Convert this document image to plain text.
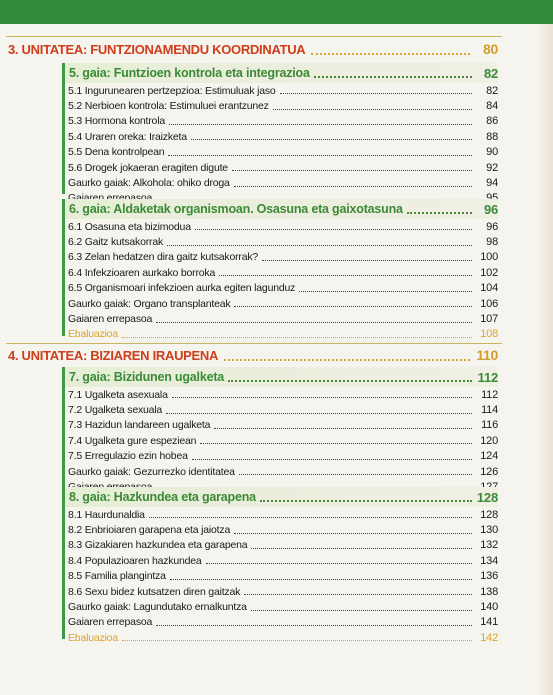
3. UNITATEA: FUNTZIONAMENDU KOORDINATUA	80
5. gaia: Funtzioen kontrola eta integrazioa	82
5.1 Ingurunearen pertzepzioa: Estimuluak jaso	82
5.2 Nerbioen kontrola: Estimuluei erantzunez	84
5.3 Hormona kontrola	86
5.4 Uraren oreka: Iraizketa	88
5.5 Dena kontrolpean	90
5.6 Drogek jokaeran eragiten digute	92
Gaurko gaiak: Alkohola: ohiko droga	94
6. gaia: Aldaketak organismoan. Osasuna eta gaixotasuna	96
6.1 Osasuna eta bizimodua	96
6.2 Gaitz kutsakorrak	98
6.3 Zelan hedatzen dira gaitz kutsakorrak?	100
6.4 Infekzioaren aurkako borroka	102
6.5 Organismoari infekzioen aurka egiten lagunduz	104
Gaurko gaiak: Organo transplanteak	106
Gaiaren errepasoa	107
Ebaluazioa	108
4. UNITATEA: BIZIAREN IRAUPENA	110
7. gaia: Bizidunen ugalketa	112
7.1 Ugalketa asexuala	112
7.2 Ugalketa sexuala	114
7.3 Hazidun landareen ugalketa	116
7.4 Ugalketa gure espeziean	120
7.5 Erregulazio ezin hobea	124
Gaurko gaiak: Gezurrezko identitatea	126
8. gaia: Hazkundea eta garapena	128
8.1 Haurdunaldia	128
8.2 Enbrioiaren garapena eta jaiotza	130
8.3 Gizakiaren hazkundea eta garapena	132
8.4 Populazioaren hazkundea	134
8.5 Familia plangintza	136
8.6 Sexu bidez kutsatzen diren gaitzak	138
Gaurko gaiak: Lagundutako ernalkuntza	140
Gaiaren errepasoa	141
Ebaluazioa	142
